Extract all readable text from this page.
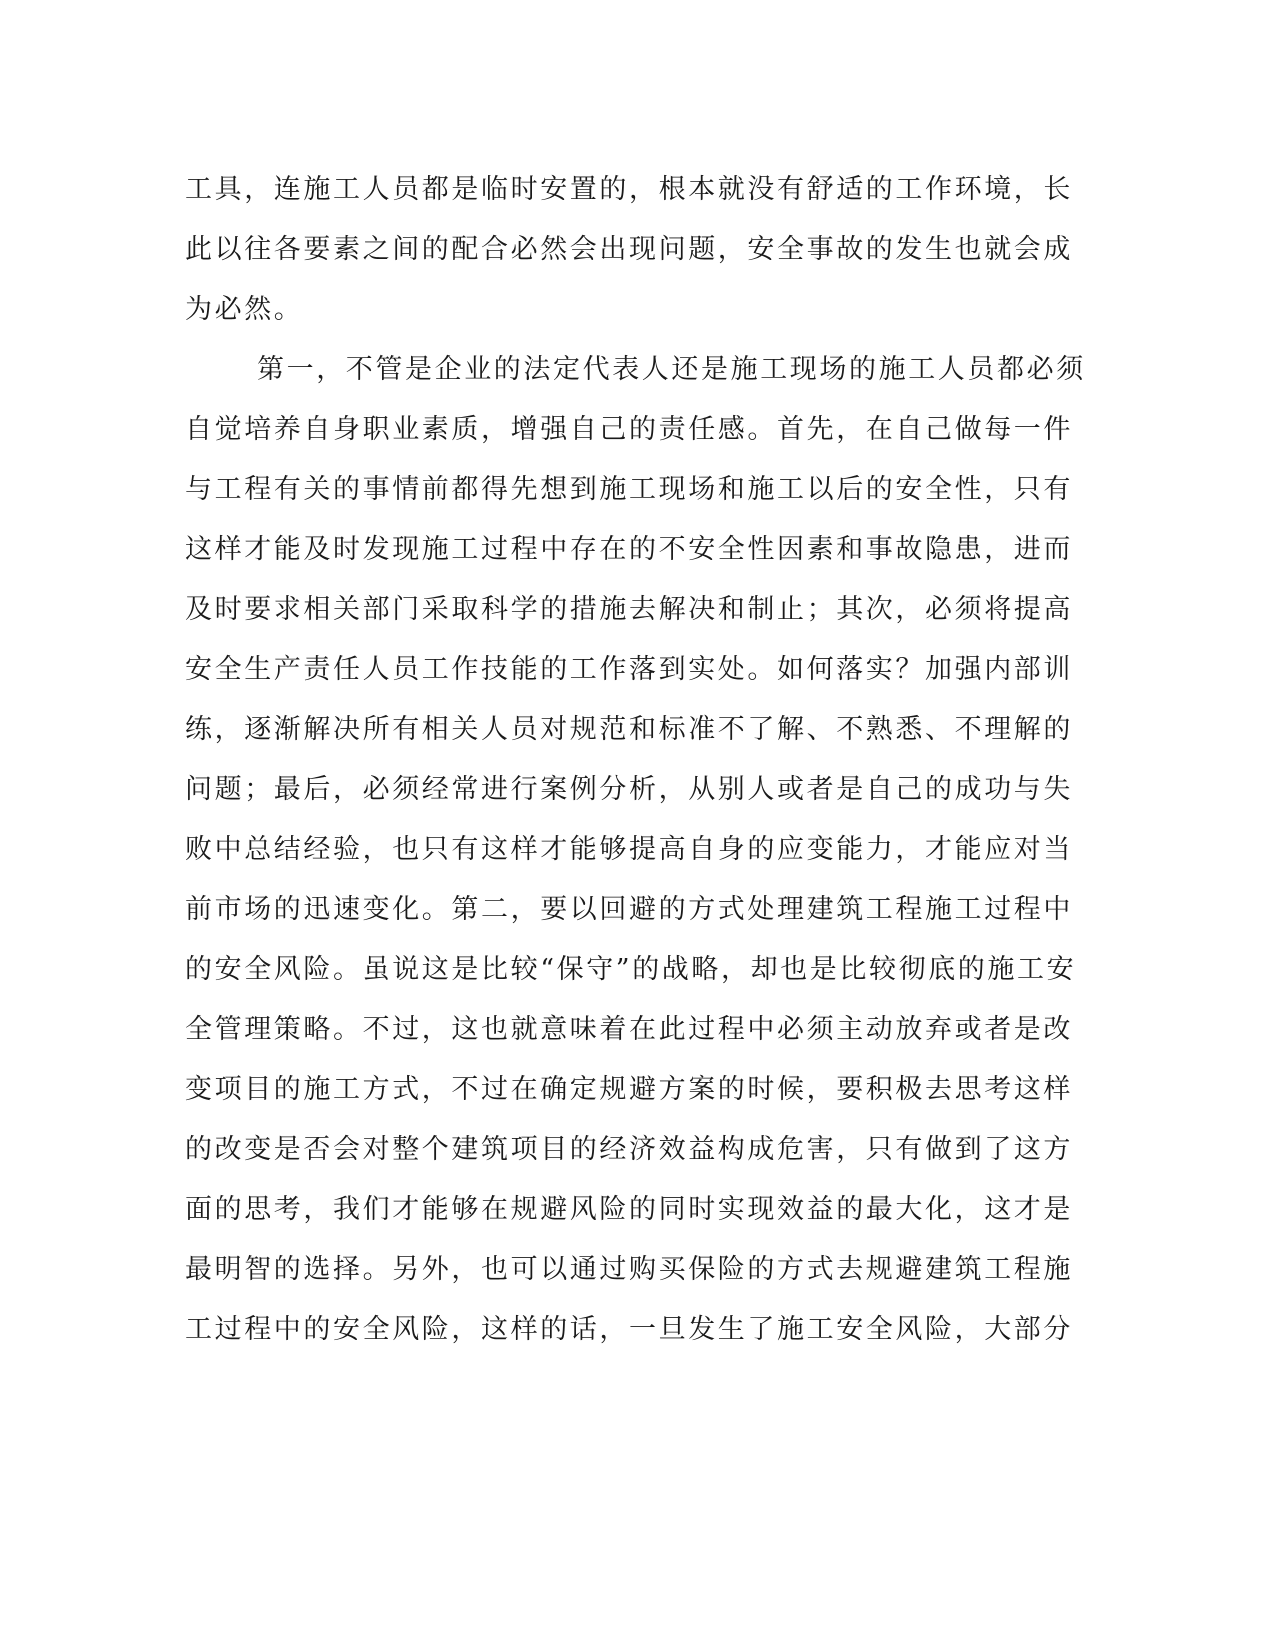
工具，连施工人员都是临时安置的，根本就没有舒适的工作环境，长
此以往各要素之间的配合必然会出现问题，安全事故的发生也就会成
为必然。
第一，不管是企业的法定代表人还是施工现场的施工人员都必须
自觉培养自身职业素质，增强自己的责任感。首先，在自己做每一件
与工程有关的事情前都得先想到施工现场和施工以后的安全性，只有
这样才能及时发现施工过程中存在的不安全性因素和事故隐患，进而
及时要求相关部门采取科学的措施去解决和制止；其次，必须将提高
安全生产责任人员工作技能的工作落到实处。如何落实？加强内部训
练，逐渐解决所有相关人员对规范和标准不了解、不熟悉、不理解的
问题；最后，必须经常进行案例分析，从别人或者是自己的成功与失
败中总结经验，也只有这样才能够提高自身的应变能力，才能应对当
前市场的迅速变化。第二，要以回避的方式处理建筑工程施工过程中
的安全风险。虽说这是比较“保守”的战略，却也是比较彻底的施工安
全管理策略。不过，这也就意味着在此过程中必须主动放弃或者是改
变项目的施工方式，不过在确定规避方案的时候，要积极去思考这样
的改变是否会对整个建筑项目的经济效益构成危害，只有做到了这方
面的思考，我们才能够在规避风险的同时实现效益的最大化，这才是
最明智的选择。另外，也可以通过购买保险的方式去规避建筑工程施
工过程中的安全风险，这样的话，一旦发生了施工安全风险，大部分
